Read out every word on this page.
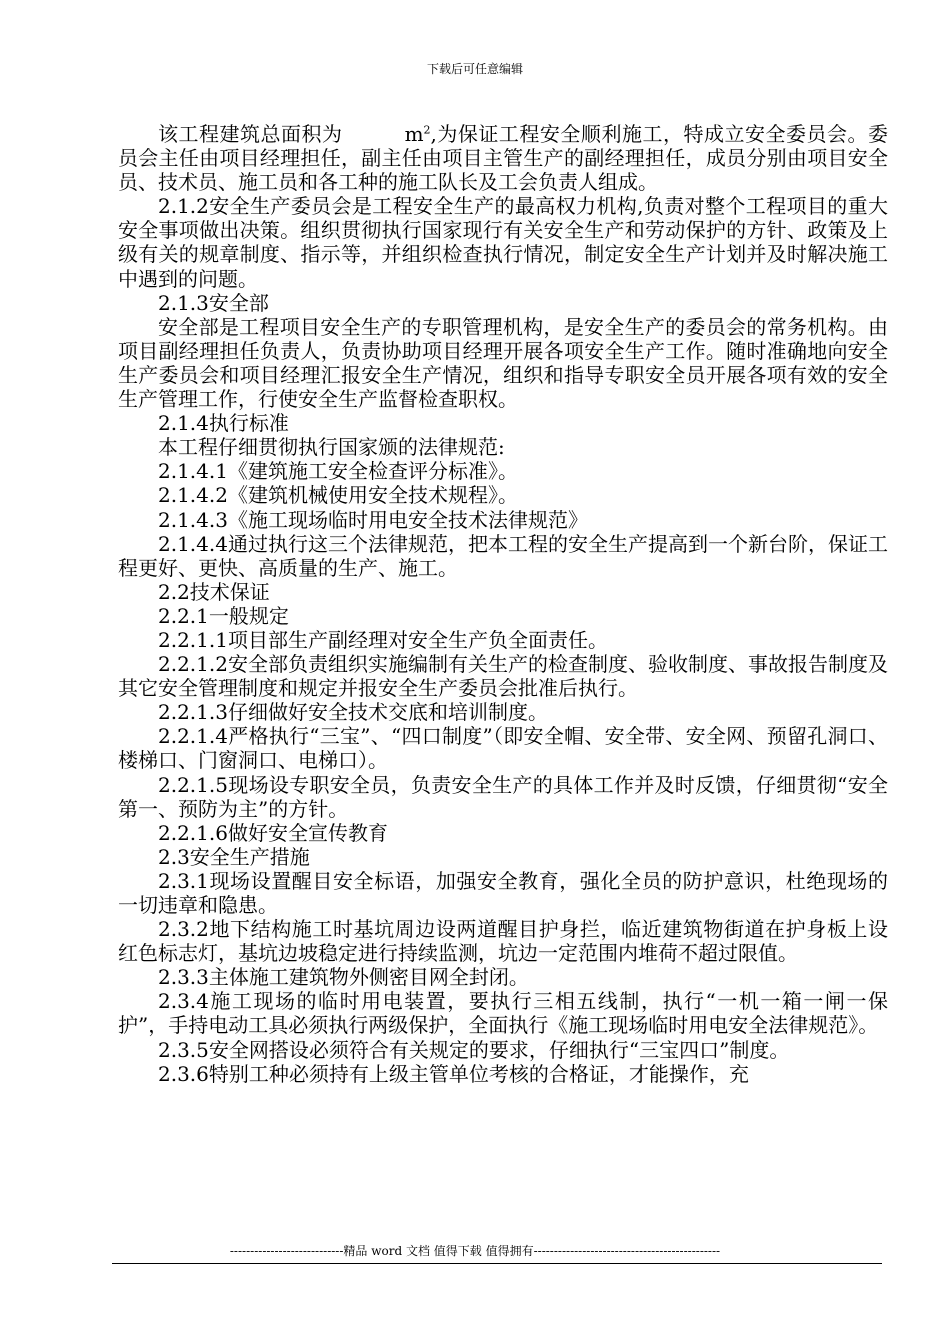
下载后可任意编辑

该工程建筑总面积为	$m^2$,为保证工程安全顺利施工，特成立安全委员会。委员会主任由项目经理担任，副主任由项目主管生产的副经理担任，成员分别由项目安全员、技术员、施工员和各工种的施工队长及工会负责人组成。

2.1.2安全生产委员会是工程安全生产的最高权力机构,负责对整个工程项目的重大安全事项做出决策。组织贯彻执行国家现行有关安全生产和劳动保护的方针、政策及上级有关的规章制度、指示等，并组织检查执行情况，制定安全生产计划并及时解决施工中遇到的问题。

2.1.3安全部

安全部是工程项目安全生产的专职管理机构，是安全生产的委员会的常务机构。由项目副经理担任负责人，负责协助项目经理开展各项安全生产工作。随时准确地向安全生产委员会和项目经理汇报安全生产情况，组织和指导专职安全员开展各项有效的安全生产管理工作，行使安全生产监督检查职权。

2.1.4执行标准

本工程仔细贯彻执行国家颁的法律规范:

2.1.4.1《建筑施工安全检查评分标准》。

2.1.4.2《建筑机械使用安全技术规程》。

2.1.4.3《施工现场临时用电安全技术法律规范》

2.1.4.4通过执行这三个法律规范，把本工程的安全生产提高到一个新台阶，保证工程更好、更快、高质量的生产、施工。

2.2技术保证

2.2.1一般规定

2.2.1.1项目部生产副经理对安全生产负全面责任。

2.2.1.2安全部负责组织实施编制有关生产的检查制度、验收制度、事故报告制度及其它安全管理制度和规定并报安全生产委员会批准后执行。

2.2.1.3仔细做好安全技术交底和培训制度。

2.2.1.4严格执行“三宝”、“四口制度”（即安全帽、安全带、安全网、预留孔洞口、楼梯口、门窗洞口、电梯口）。

2.2.1.5现场设专职安全员，负责安全生产的具体工作并及时反馈，仔细贯彻“安全第一、预防为主”的方针。

2.2.1.6做好安全宣传教育

2.3安全生产措施

2.3.1现场设置醒目安全标语，加强安全教育，强化全员的防护意识，杜绝现场的一切违章和隐患。

2.3.2地下结构施工时基坑周边设两道醒目护身拦，临近建筑物街道在护身板上设红色标志灯，基坑边坡稳定进行持续监测，坑边一定范围内堆荷不超过限值。

2.3.3主体施工建筑物外侧密目网全封闭。

2.3.4施工现场的临时用电装置，要执行三相五线制，执行“一机一箱一闸一保护”，手持电动工具必须执行两级保护，全面执行《施工现场临时用电安全法律规范》。

2.3.5安全网搭设必须符合有关规定的要求，仔细执行“三宝四口”制度。

2.3.6特别工种必须持有上级主管单位考核的合格证，才能操作，充

----------------------------精品 word 文档 值得下载 值得拥有----------------------------------------------
